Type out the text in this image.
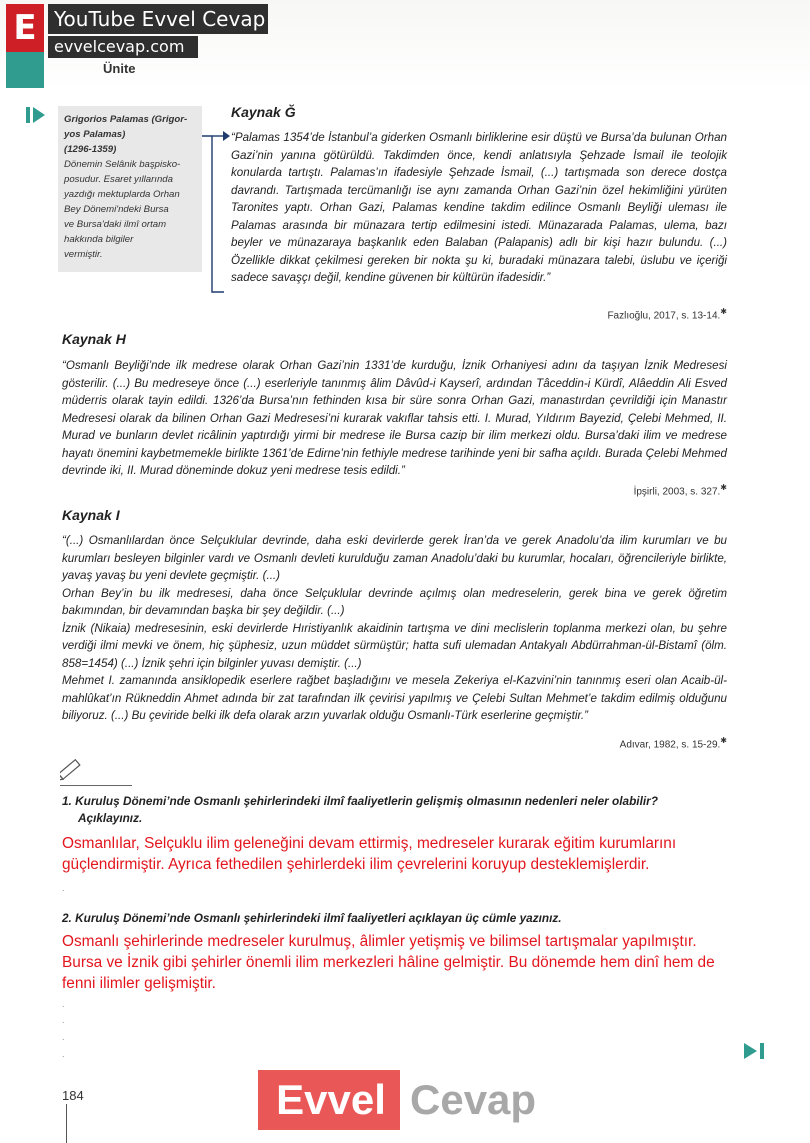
E YouTube Evvel Cevap
evvelcevap.com
Ünite
Grigorios Palamas (Grigor-
yos Palamas)
(1296-1359)
Dönemin Selânik başpisko-
posudur. Esaret yıllarında
yazdığı mektuplarda Orhan
Bey Dönemi'ndeki Bursa
ve Bursa'daki ilmî ortam
hakkında bilgiler
vermiştir.
Kaynak Ğ

“Palamas 1354’de İstanbul’a giderken Osmanlı birliklerine esir düştü ve Bursa’da bulunan Orhan Gazi’nin yanına götürüldü. Takdimden önce, kendi anlatısıyla Şehzade İsmail ile teolojik konularda tartıştı. Palamas’ın ifadesiyle Şehzade İsmail, (...) tartışmada son derece dostça davrandı. Tartışmada tercümanlığı ise aynı zamanda Orhan Gazi’nin özel hekimliğini yürüten Taronites yaptı. Orhan Gazi, Palamas kendine takdim edilince Osmanlı Beyliği uleması ile Palamas arasında bir münazara tertip edilmesini istedi. Münazarada Palamas, ulema, bazı beyler ve münazaraya başkanlık eden Balaban (Palapanis) adlı bir kişi hazır bulundu. (...) Özellikle dikkat çekilmesi gereken bir nokta şu ki, buradaki münazara talebi, üslubu ve içeriği sadece savaşçı değil, kendine güvenen bir kültürün ifadesidir.”

Fazlıoğlu, 2017, s. 13-14.✱
Kaynak H

“Osmanlı Beyliği’nde ilk medrese olarak Orhan Gazi’nin 1331’de kurduğu, İznik Orhaniyesi adını da taşıyan İznik Medresesi gösterilir. (...) Bu medreseye önce (...) eserleriyle tanınmış âlim Dâvûd-i Kayserî, ardından Tâceddin-i Kürdî, Alâeddin Ali Esved müderris olarak tayin edildi. 1326’da Bursa’nın fethinden kısa bir süre sonra Orhan Gazi, manastırdan çevrildiği için Manastır Medresesi olarak da bilinen Orhan Gazi Medresesi’ni kurarak vakıflar tahsis etti. I. Murad, Yıldırım Bayezid, Çelebi Mehmed, II. Murad ve bunların devlet ricâlinin yaptırdığı yirmi bir medrese ile Bursa cazip bir ilim merkezi oldu. Bursa’daki ilim ve medrese hayatı önemini kaybetmemekle birlikte 1361’de Edirne’nin fethiyle medrese tarihinde yeni bir safha açıldı. Burada Çelebi Mehmed devrinde iki, II. Murad döneminde dokuz yeni medrese tesis edildi.”

İpşirli, 2003, s. 327.✱
Kaynak I

“(...) Osmanlılardan önce Selçuklular devrinde, daha eski devirlerde gerek İran’da ve gerek Anadolu’da ilim kurumları ve bu kurumları besleyen bilginler vardı ve Osmanlı devleti kurulduğu zaman Anadolu’daki bu kurumlar, hocaları, öğrencileriyle birlikte, yavaş yavaş bu yeni devlete geçmiştir. (...)

Orhan Bey’in bu ilk medresesi, daha önce Selçuklular devrinde açılmış olan medreselerin, gerek bina ve gerek öğretim bakımından, bir devamından başka bir şey değildir. (...)

İznik (Nikaia) medresesinin, eski devirlerde Hıristiyanlık akaidinin tartışma ve dini meclislerin toplanma merkezi olan, bu şehre verdiği ilmi mevki ve önem, hiç şüphesiz, uzun müddet sürmüştür; hatta sufi ulemadan Antakyalı Abdürrahman-ül-Bistamî (ölm. 858=1454) (...) İznik şehri için bilginler yuvası demiştir. (...)

Mehmet I. zamanında ansiklopedik eserlere rağbet başladığını ve mesela Zekeriya el-Kazvini’nin tanınmış eseri olan Acaib-ül-mahlûkat’ın Rükneddin Ahmet adında bir zat tarafından ilk çevirisi yapılmış ve Çelebi Sultan Mehmet’e takdim edilmiş olduğunu biliyoruz. (...) Bu çeviride belki ilk defa olarak arzın yuvarlak olduğu Osmanlı-Türk eserlerine geçmiştir.”

Adıvar, 1982, s. 15-29.✱
1. Kuruluş Dönemi’nde Osmanlı şehirlerindeki ilmî faaliyetlerin gelişmiş olmasının nedenleri neler olabilir?
Açıklayınız.
Osmanlılar, Selçuklu ilim geleneğini devam ettirmiş, medreseler kurarak eğitim kurumlarını güçlendirmiştir. Ayrıca fethedilen şehirlerdeki ilim çevrelerini koruyup desteklemişlerdir.
.
2. Kuruluş Dönemi’nde Osmanlı şehirlerindeki ilmî faaliyetleri açıklayan üç cümle yazınız.
Osmanlı şehirlerinde medreseler kurulmuş, âlimler yetişmiş ve bilimsel tartışmalar yapılmıştır. Bursa ve İznik gibi şehirler önemli ilim merkezleri hâline gelmiştir. Bu dönemde hem dinî hem de fenni ilimler gelişmiştir.
.
.
.
.
184	Evvel Cevap
